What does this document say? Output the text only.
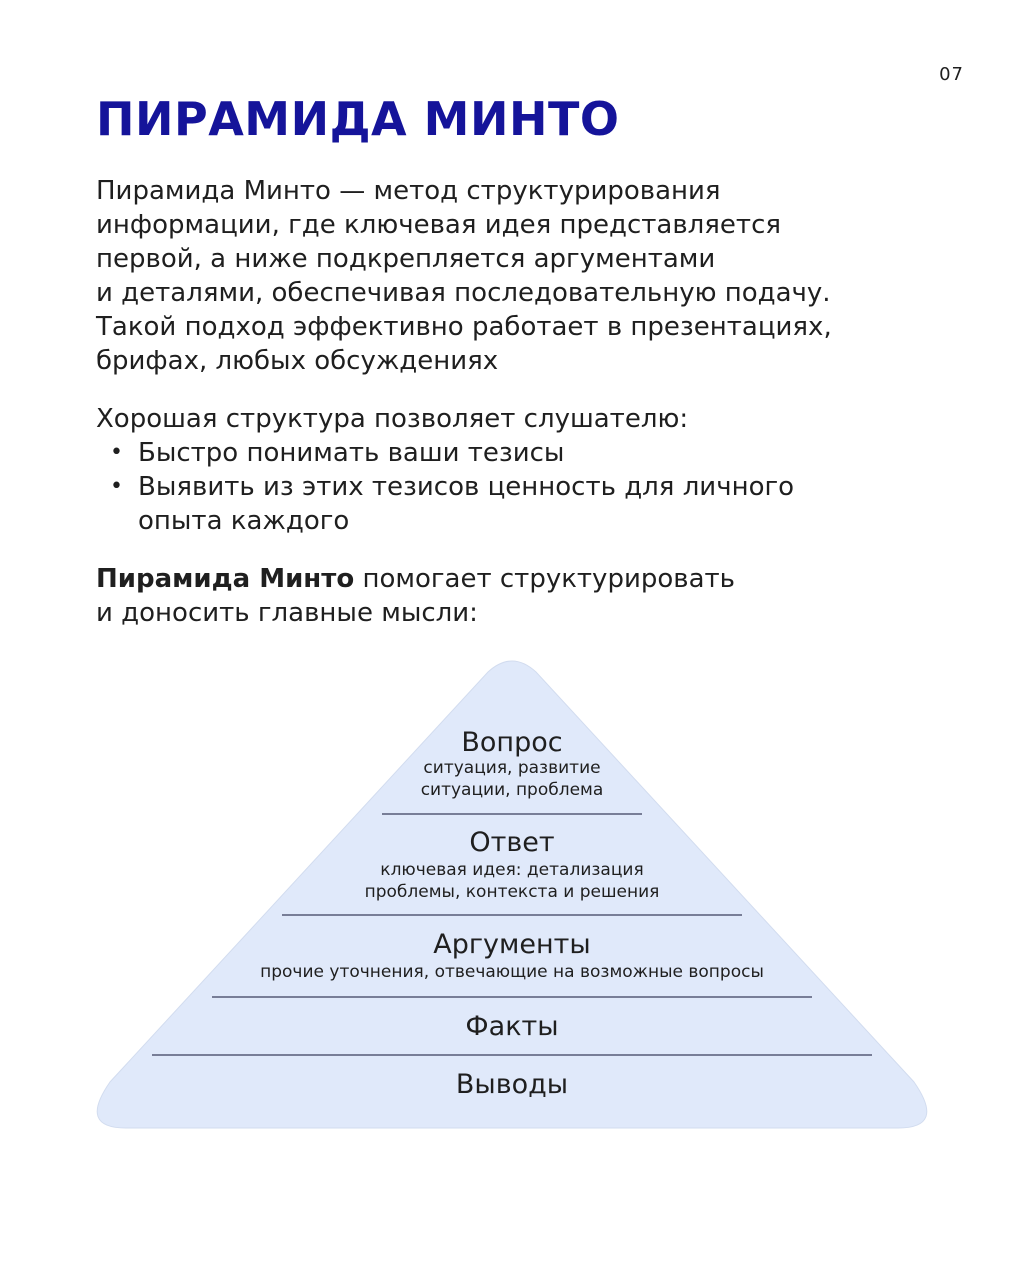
07
ПИРАМИДА МИНТО
Пирамида Минто — метод структурирования
информации, где ключевая идея представляется
первой, а ниже подкрепляется аргументами
и деталями, обеспечивая последовательную подачу.
Такой подход эффективно работает в презентациях,
брифах, любых обсуждениях
Хорошая структура позволяет слушателю:
• Быстро понимать ваши тезисы
• Выявить из этих тезисов ценность для личного
опыта каждого
Пирамида Минто помогает структурировать
и доносить главные мысли:
Вопрос
ситуация, развитие
ситуации, проблема
Ответ
ключевая идея: детализация
проблемы, контекста и решения
Аргументы
прочие уточнения, отвечающие на возможные вопросы
Факты
Выводы
